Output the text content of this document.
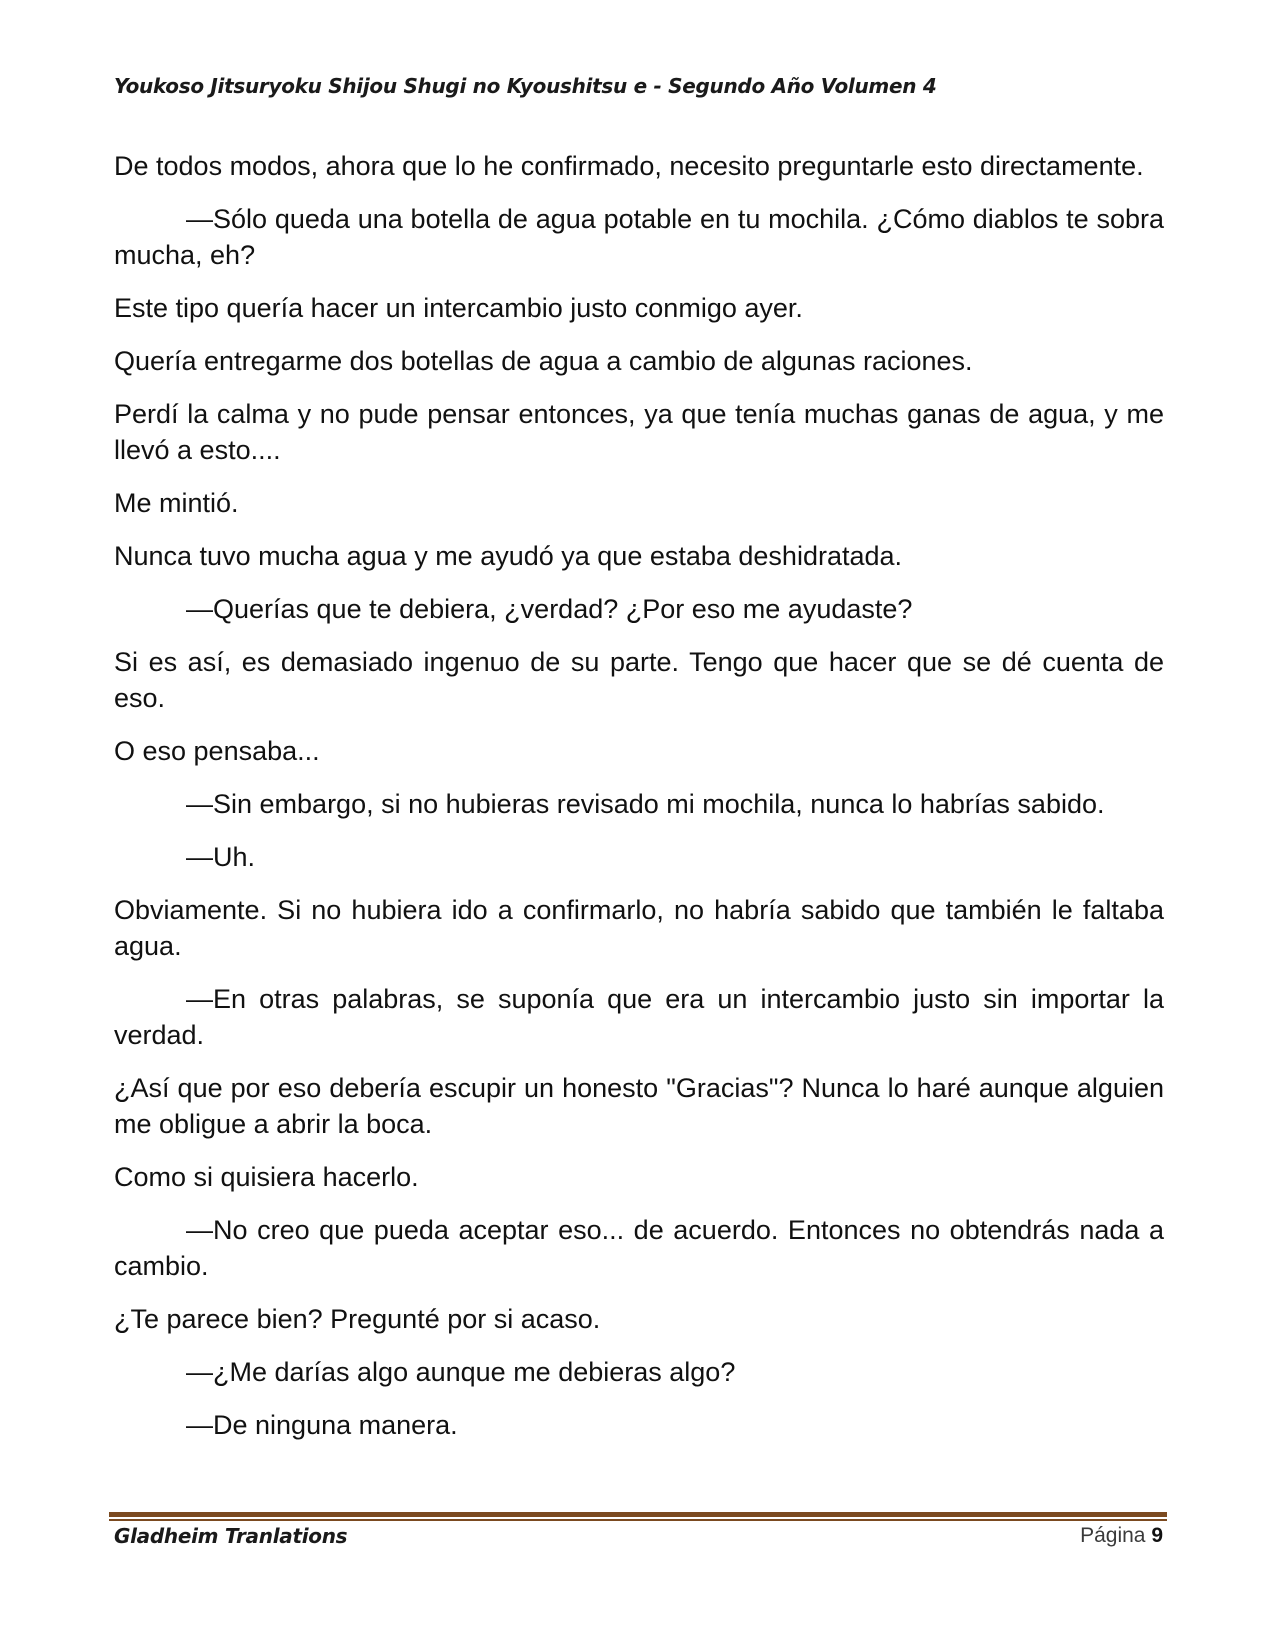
Youkoso Jitsuryoku Shijou Shugi no Kyoushitsu e - Segundo Año Volumen 4

De todos modos, ahora que lo he confirmado, necesito preguntarle esto directamente.

—Sólo queda una botella de agua potable en tu mochila. ¿Cómo diablos te sobra mucha, eh?

Este tipo quería hacer un intercambio justo conmigo ayer.

Quería entregarme dos botellas de agua a cambio de algunas raciones.

Perdí la calma y no pude pensar entonces, ya que tenía muchas ganas de agua, y me llevó a esto....

Me mintió.

Nunca tuvo mucha agua y me ayudó ya que estaba deshidratada.

—Querías que te debiera, ¿verdad? ¿Por eso me ayudaste?

Si es así, es demasiado ingenuo de su parte. Tengo que hacer que se dé cuenta de eso.

O eso pensaba...

—Sin embargo, si no hubieras revisado mi mochila, nunca lo habrías sabido.

—Uh.

Obviamente. Si no hubiera ido a confirmarlo, no habría sabido que también le faltaba agua.

—En otras palabras, se suponía que era un intercambio justo sin importar la verdad.

¿Así que por eso debería escupir un honesto "Gracias"? Nunca lo haré aunque alguien me obligue a abrir la boca.

Como si quisiera hacerlo.

—No creo que pueda aceptar eso... de acuerdo. Entonces no obtendrás nada a cambio.

¿Te parece bien? Pregunté por si acaso.

—¿Me darías algo aunque me debieras algo?

—De ninguna manera.

Gladheim Tranlations	Página 9
